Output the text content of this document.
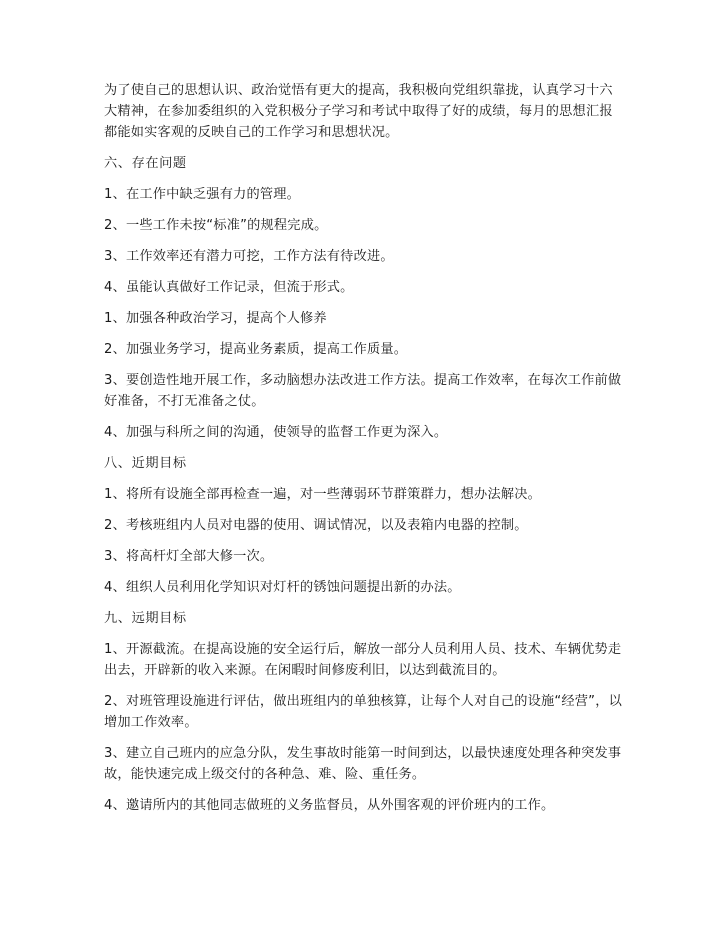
为了使自己的思想认识、政治觉悟有更大的提高，我积极向党组织靠拢，认真学习十六大精神，在参加委组织的入党积极分子学习和考试中取得了好的成绩，每月的思想汇报都能如实客观的反映自己的工作学习和思想状况。

六、存在问题

1、在工作中缺乏强有力的管理。

2、一些工作未按“标准”的规程完成。

3、工作效率还有潜力可挖，工作方法有待改进。

4、虽能认真做好工作记录，但流于形式。

1、加强各种政治学习，提高个人修养

2、加强业务学习，提高业务素质，提高工作质量。

3、要创造性地开展工作，多动脑想办法改进工作方法。提高工作效率，在每次工作前做好准备，不打无准备之仗。

4、加强与科所之间的沟通，使领导的监督工作更为深入。

八、近期目标

1、将所有设施全部再检查一遍，对一些薄弱环节群策群力，想办法解决。

2、考核班组内人员对电器的使用、调试情况，以及表箱内电器的控制。

3、将高杆灯全部大修一次。

4、组织人员利用化学知识对灯杆的锈蚀问题提出新的办法。

九、远期目标

1、开源截流。在提高设施的安全运行后，解放一部分人员利用人员、技术、车辆优势走出去，开辟新的收入来源。在闲暇时间修废利旧，以达到截流目的。

2、对班管理设施进行评估，做出班组内的单独核算，让每个人对自己的设施“经营”，以增加工作效率。

3、建立自己班内的应急分队，发生事故时能第一时间到达，以最快速度处理各种突发事故，能快速完成上级交付的各种急、难、险、重任务。

4、邀请所内的其他同志做班的义务监督员，从外围客观的评价班内的工作。
